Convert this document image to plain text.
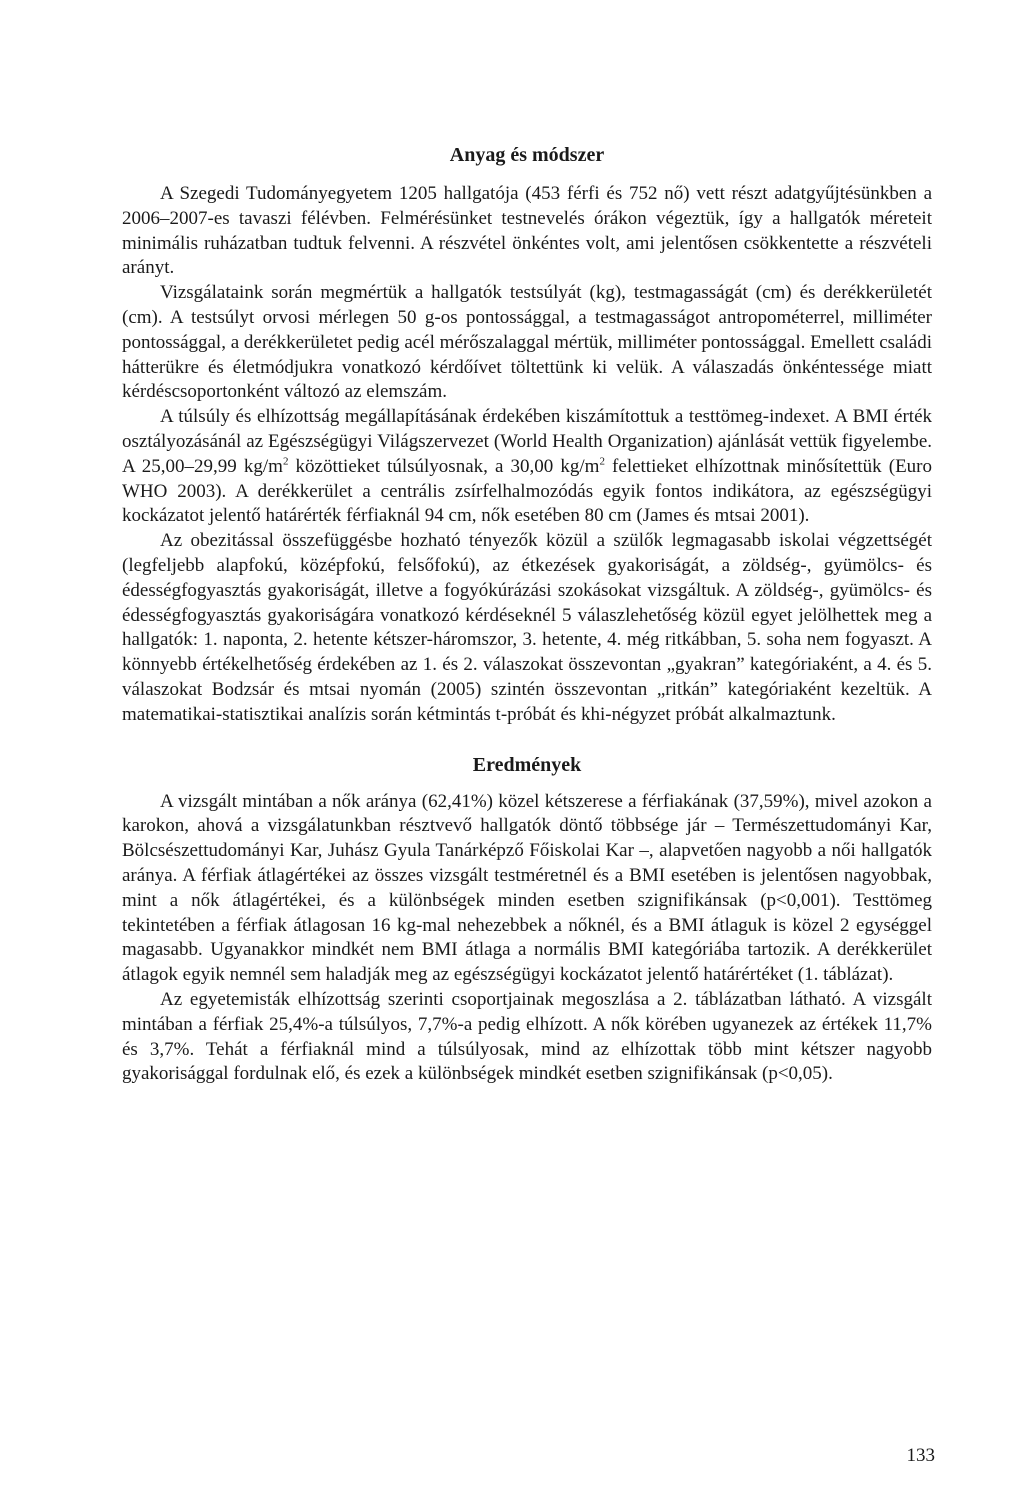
Anyag és módszer

A Szegedi Tudományegyetem 1205 hallgatója (453 férfi és 752 nő) vett részt adatgyűjtésünkben a 2006–2007-es tavaszi félévben. Felmérésünket testnevelés órákon végeztük, így a hallgatók méreteit minimális ruházatban tudtuk felvenni. A részvétel önkéntes volt, ami jelentősen csökkentette a részvételi arányt.

Vizsgálataink során megmértük a hallgatók testsúlyát (kg), testmagasságát (cm) és derékkerületét (cm). A testsúlyt orvosi mérlegen 50 g-os pontossággal, a testmagasságot antropométerrel, milliméter pontossággal, a derékkerületet pedig acél mérőszalaggal mértük, milliméter pontossággal. Emellett családi hátterükre és életmódjukra vonatkozó kérdőívet töltettünk ki velük. A válaszadás önkéntessége miatt kérdéscsoportonként változó az elemszám.

A túlsúly és elhízottság megállapításának érdekében kiszámítottuk a testtömeg-indexet. A BMI érték osztályozásánál az Egészségügyi Világszervezet (World Health Organization) ajánlását vettük figyelembe. A 25,00–29,99 $kg/m^2$ közöttieket túlsúlyosnak, a 30,00 $kg/m^2$ felettieket elhízottnak minősítettük (Euro WHO 2003). A derékkerület a centrális zsírfelhalmozódás egyik fontos indikátora, az egészségügyi kockázatot jelentő határérték férfiaknál 94 cm, nők esetében 80 cm (James és mtsai 2001).

Az obezitással összefüggésbe hozható tényezők közül a szülők legmagasabb iskolai végzettségét (legfeljebb alapfokú, középfokú, felsőfokú), az étkezések gyakoriságát, a zöldség-, gyümölcs- és édességfogyasztás gyakoriságát, illetve a fogyókúrázási szokásokat vizsgáltuk. A zöldség-, gyümölcs- és édességfogyasztás gyakoriságára vonatkozó kérdéseknél 5 válaszlehetőség közül egyet jelölhettek meg a hallgatók: 1. naponta, 2. hetente kétszer-háromszor, 3. hetente, 4. még ritkábban, 5. soha nem fogyaszt. A könnyebb értékelhetőség érdekében az 1. és 2. válaszokat összevontan „gyakran” kategóriaként, a 4. és 5. válaszokat Bodzsár és mtsai nyomán (2005) szintén összevontan „ritkán” kategóriaként kezeltük. A matematikai-statisztikai analízis során kétmintás t-próbát és khi-négyzet próbát alkalmaztunk.

Eredmények

A vizsgált mintában a nők aránya (62,41%) közel kétszerese a férfiakának (37,59%), mivel azokon a karokon, ahová a vizsgálatunkban résztvevő hallgatók döntő többsége jár – Természettudományi Kar, Bölcsészettudományi Kar, Juhász Gyula Tanárképző Főiskolai Kar –, alapvetően nagyobb a női hallgatók aránya. A férfiak átlagértékei az összes vizsgált testméretnél és a BMI esetében is jelentősen nagyobbak, mint a nők átlagértékei, és a különbségek minden esetben szignifikánsak (p<0,001). Testtömeg tekintetében a férfiak átlagosan 16 kg-mal nehezebbek a nőknél, és a BMI átlaguk is közel 2 egységgel magasabb. Ugyanakkor mindkét nem BMI átlaga a normális BMI kategóriába tartozik. A derékkerület átlagok egyik nemnél sem haladják meg az egészségügyi kockázatot jelentő határértéket (1. táblázat).

Az egyetemisták elhízottság szerinti csoportjainak megoszlása a 2. táblázatban látható. A vizsgált mintában a férfiak 25,4%-a túlsúlyos, 7,7%-a pedig elhízott. A nők körében ugyanezek az értékek 11,7% és 3,7%. Tehát a férfiaknál mind a túlsúlyosak, mind az elhízottak több mint kétszer nagyobb gyakorisággal fordulnak elő, és ezek a különbségek mindkét esetben szignifikánsak (p<0,05).

133
